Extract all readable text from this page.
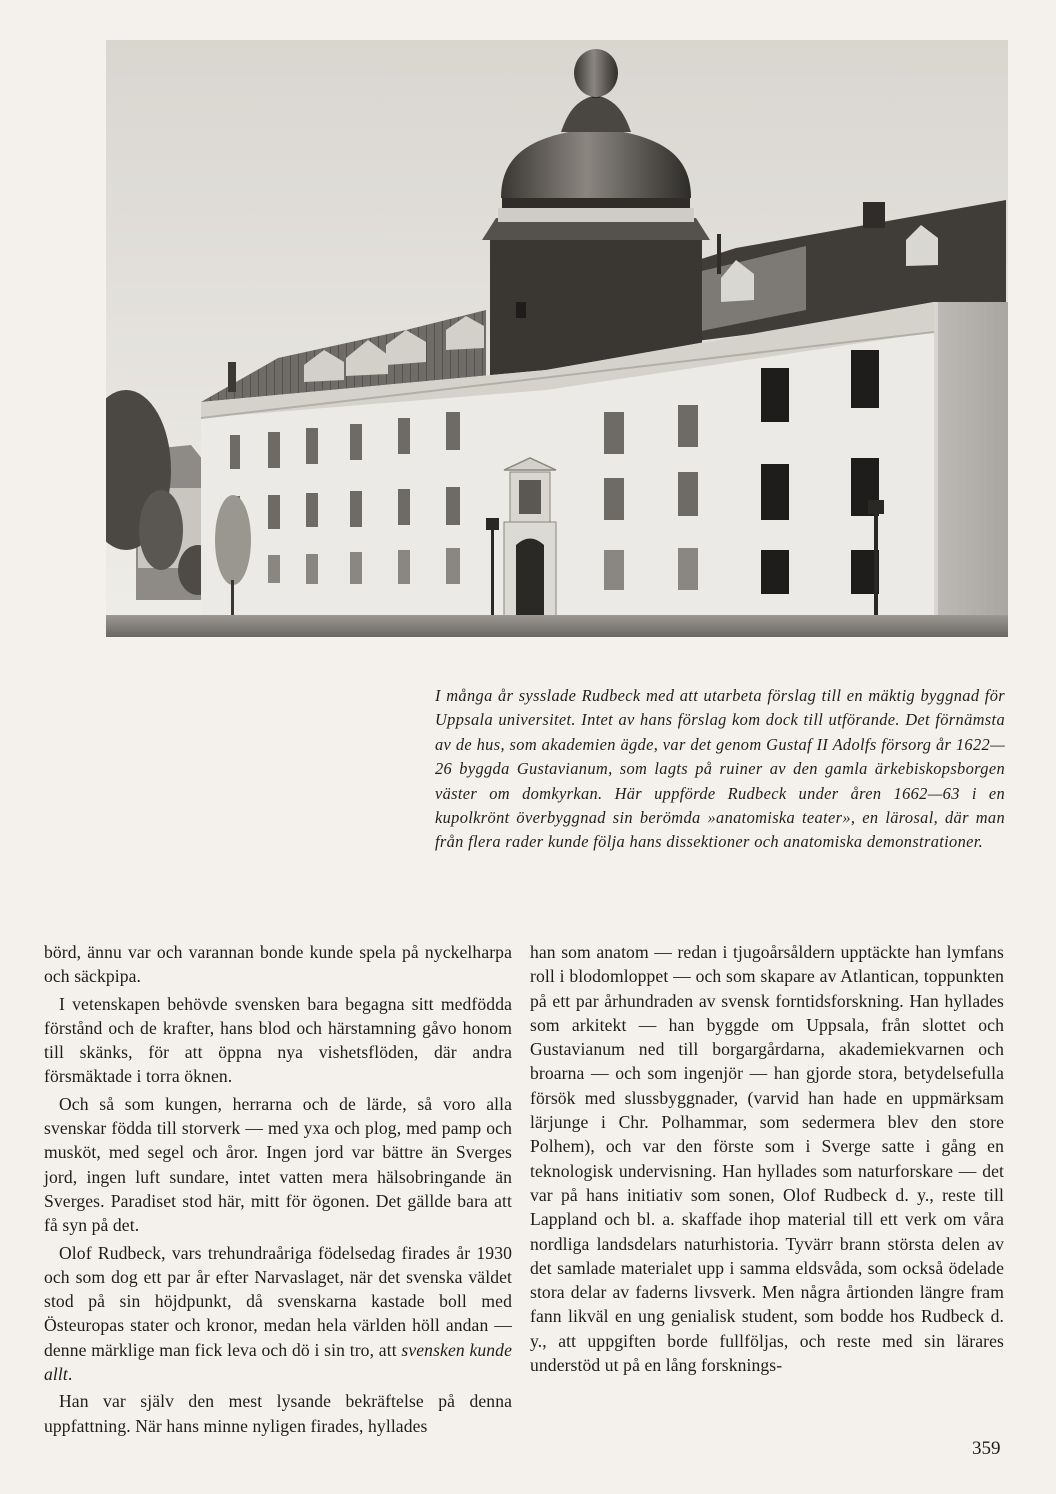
I många år sysslade Rudbeck med att utarbeta förslag till en mäktig byggnad för Uppsala universitet. Intet av hans förslag kom dock till utförande. Det förnämsta av de hus, som akademien ägde, var det genom Gustaf II Adolfs försorg år 1622—26 byggda Gustavianum, som lagts på ruiner av den gamla ärkebiskopsborgen väster om domkyrkan. Här uppförde Rudbeck under åren 1662—63 i en kupolkrönt överbyggnad sin berömda »anatomiska teater», en lärosal, där man från flera rader kunde följa hans dissektioner och anatomiska demonstrationer.

börd, ännu var och varannan bonde kunde spela på nyckelharpa och säckpipa.

I vetenskapen behövde svensken bara begagna sitt medfödda förstånd och de krafter, hans blod och härstamning gåvo honom till skänks, för att öppna nya vishetsflöden, där andra försmäktade i torra öknen.

Och så som kungen, herrarna och de lärde, så voro alla svenskar födda till storverk — med yxa och plog, med pamp och musköt, med segel och åror. Ingen jord var bättre än Sverges jord, ingen luft sundare, intet vatten mera hälsobringande än Sverges. Paradiset stod här, mitt för ögonen. Det gällde bara att få syn på det.

Olof Rudbeck, vars trehundraåriga födelsedag firades år 1930 och som dog ett par år efter Narvaslaget, när det svenska väldet stod på sin höjdpunkt, då svenskarna kastade boll med Östeuropas stater och kronor, medan hela världen höll andan — denne märklige man fick leva och dö i sin tro, att svensken kunde allt.

Han var själv den mest lysande bekräftelse på denna uppfattning. När hans minne nyligen firades, hyllades

han som anatom — redan i tjugoårsåldern upptäckte han lymfans roll i blodomloppet — och som skapare av Atlantican, toppunkten på ett par århundraden av svensk forntidsforskning. Han hyllades som arkitekt — han byggde om Uppsala, från slottet och Gustavianum ned till borgargårdarna, akademiekvarnen och broarna — och som ingenjör — han gjorde stora, betydelsefulla försök med slussbyggnader, (varvid han hade en uppmärksam lärjunge i Chr. Polhammar, som sedermera blev den store Polhem), och var den förste som i Sverge satte i gång en teknologisk undervisning. Han hyllades som naturforskare — det var på hans initiativ som sonen, Olof Rudbeck d. y., reste till Lappland och bl. a. skaffade ihop material till ett verk om våra nordliga landsdelars naturhistoria. Tyvärr brann största delen av det samlade materialet upp i samma eldsvåda, som också ödelade stora delar av faderns livsverk. Men några årtionden längre fram fann likväl en ung genialisk student, som bodde hos Rudbeck d. y., att uppgiften borde fullföljas, och reste med sin lärares understöd ut på en lång forsknings-

359
